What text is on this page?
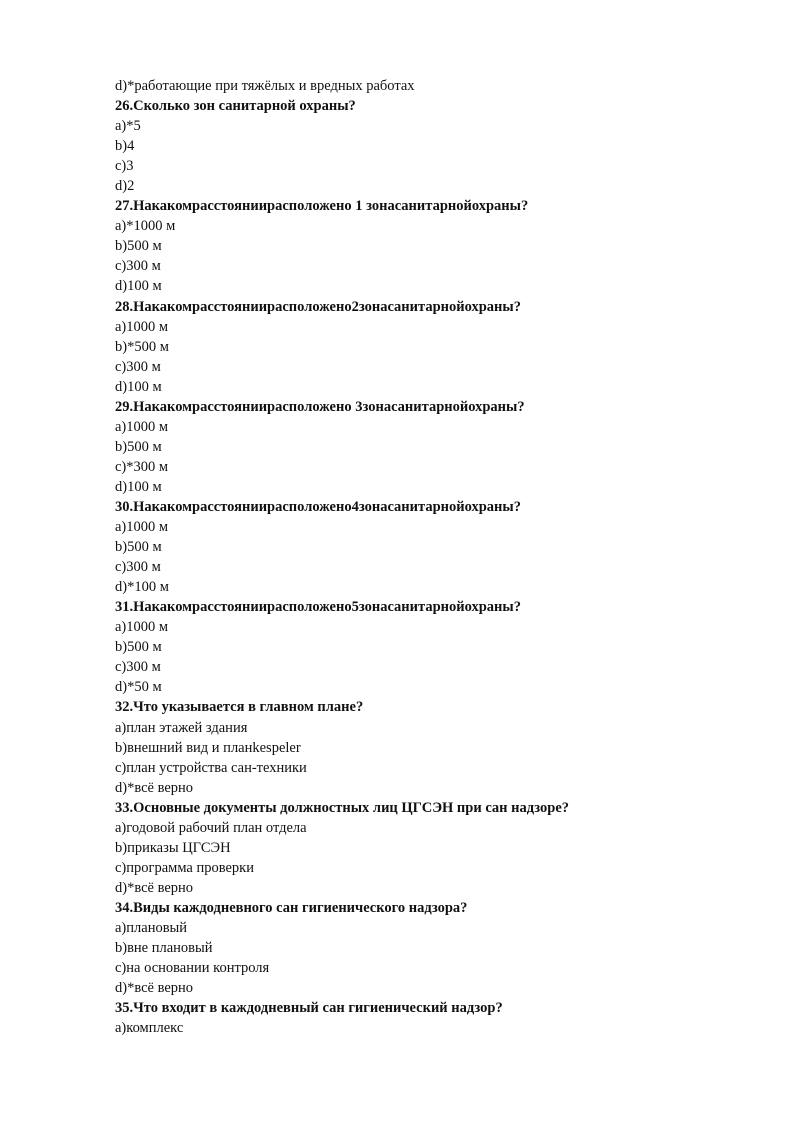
d)*работающие при тяжёлых и вредных работах
26.Сколько зон санитарной охраны?
a)*5
b)4
c)3
d)2
27.Накакомрасстояниирасположено 1 зонасанитарнойохраны?
a)*1000 м
b)500 м
c)300 м
d)100 м
28.Накакомрасстояниирасположено2зонасанитарнойохраны?
a)1000 м
b)*500 м
c)300 м
d)100 м
29.Накакомрасстояниирасположено 3зонасанитарнойохраны?
a)1000 м
b)500 м
c)*300 м
d)100 м
30.Накакомрасстояниирасположено4зонасанитарнойохраны?
a)1000 м
b)500 м
c)300 м
d)*100 м
31.Накакомрасстояниирасположено5зонасанитарнойохраны?
a)1000 м
b)500 м
c)300 м
d)*50 м
32.Что указывается в главном плане?
a)план этажей здания
b)внешний вид и планkespeler
c)план устройства сан-техники
d)*всё верно
33.Основные документы должностных лиц ЦГСЭН при сан надзоре?
a)годовой рабочий план отдела
b)приказы ЦГСЭН
c)программа проверки
d)*всё верно
34.Виды каждодневного сан гигиенического надзора?
a)плановый
b)вне плановый
c)на основании контроля
d)*всё верно
35.Что входит в каждодневный сан гигиенический надзор?
a)комплекс
